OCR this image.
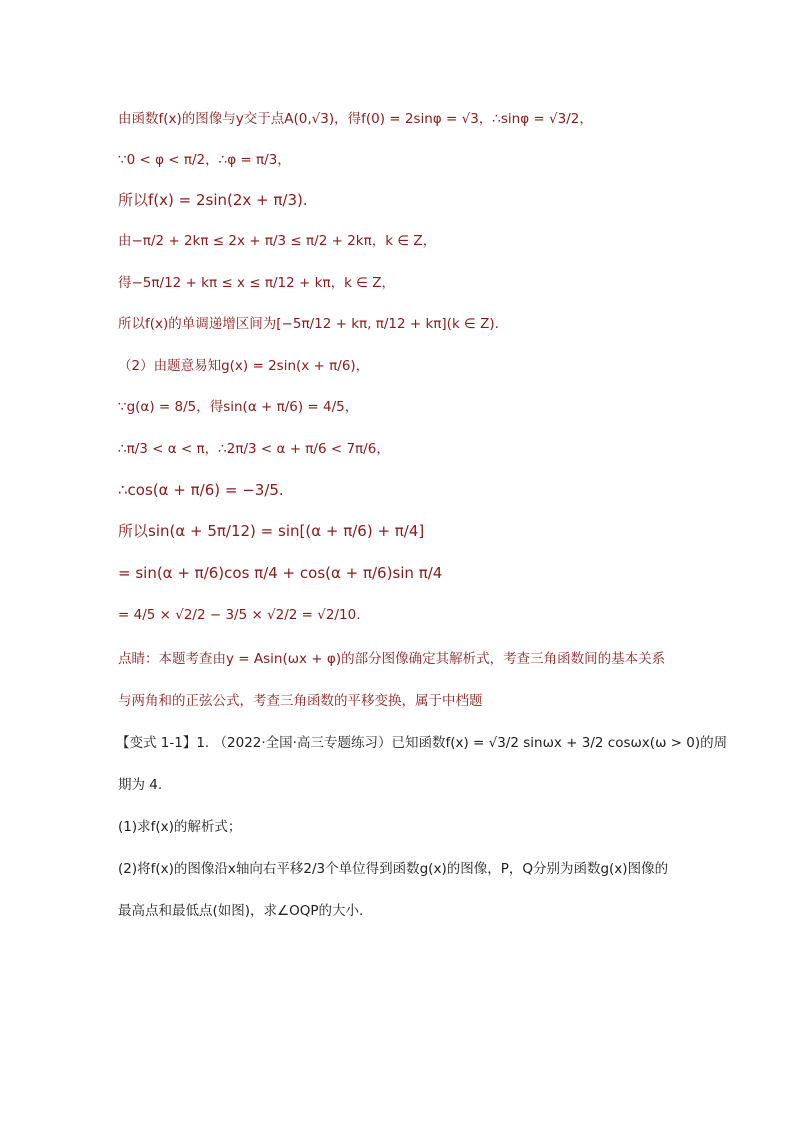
由函数f(x)的图像与y交于点A(0,√3)，得f(0) = 2sinφ = √3，∴sinφ = √3/2，
∵0 < φ < π/2，∴φ = π/3，
所以f(x) = 2sin(2x + π/3).
由−π/2 + 2kπ ≤ 2x + π/3 ≤ π/2 + 2kπ，k ∈ Z，
得−5π/12 + kπ ≤ x ≤ π/12 + kπ，k ∈ Z，
所以f(x)的单调递增区间为[−5π/12 + kπ, π/12 + kπ](k ∈ Z).
（2）由题意易知g(x) = 2sin(x + π/6)，
∵g(α) = 8/5，得sin(α + π/6) = 4/5，
∴π/3 < α < π，∴2π/3 < α + π/6 < 7π/6，
∴cos(α + π/6) = −3/5.
所以sin(α + 5π/12) = sin[(α + π/6) + π/4]
= sin(α + π/6)cos π/4 + cos(α + π/6)sin π/4
= 4/5 × √2/2 − 3/5 × √2/2 = √2/10.
点睛：本题考查由y = Asin(ωx + φ)的部分图像确定其解析式，考查三角函数间的基本关系
与两角和的正弦公式，考查三角函数的平移变换，属于中档题
【变式 1-1】1. （2022·全国·高三专题练习）已知函数f(x) = √3/2 sinωx + 3/2 cosωx(ω > 0)的周
期为 4.
(1)求f(x)的解析式；
(2)将f(x)的图像沿x轴向右平移2/3个单位得到函数g(x)的图像，P，Q分别为函数g(x)图像的
最高点和最低点(如图)，求∠OQP的大小.
